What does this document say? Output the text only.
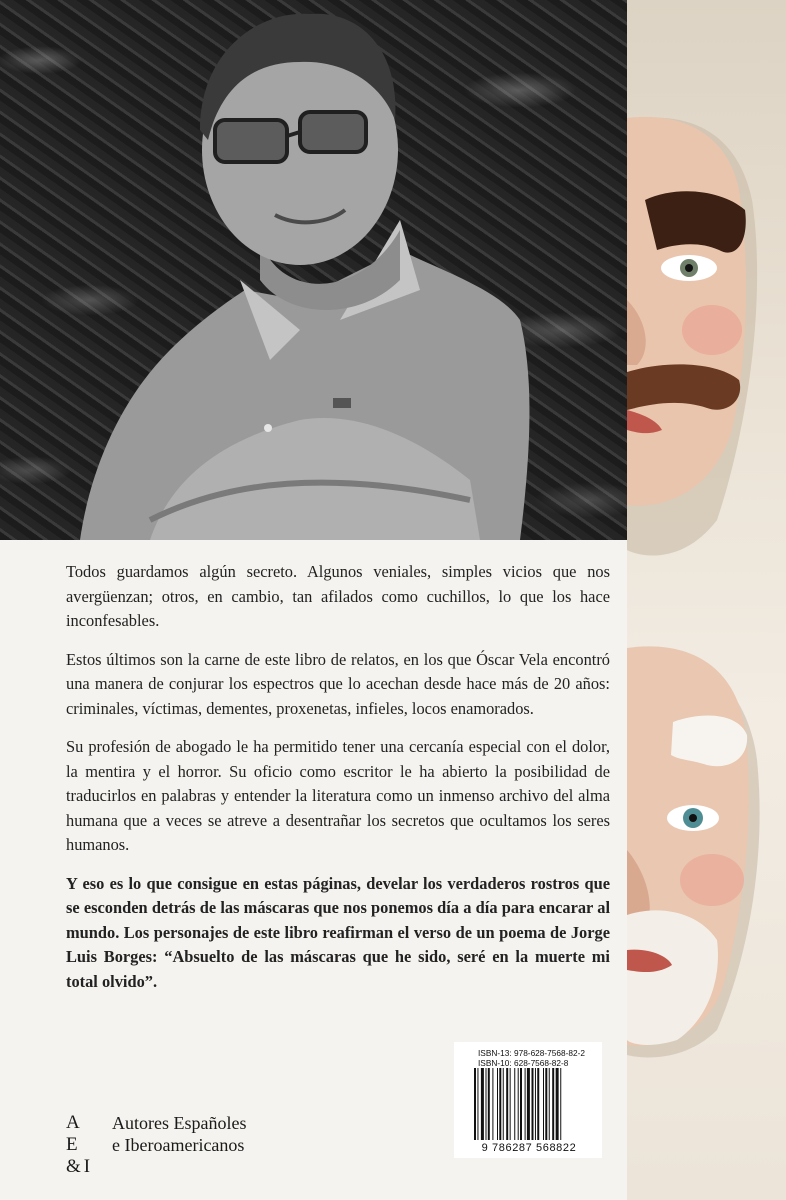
Todos guardamos algún secreto. Algunos veniales, simples vicios que nos avergüenzan; otros, en cambio, tan afilados como cuchillos, lo que los hace inconfesables.

Estos últimos son la carne de este libro de relatos, en los que Óscar Vela encontró una manera de conjurar los espectros que lo acechan desde hace más de 20 años: criminales, víctimas, dementes, proxenetas, infieles, locos enamorados.

Su profesión de abogado le ha permitido tener una cercanía especial con el dolor, la mentira y el horror. Su oficio como escritor le ha abierto la posibilidad de traducirlos en palabras y entender la literatura como un inmenso archivo del alma humana que a veces se atreve a desentrañar los secretos que ocultamos los seres humanos.

Y eso es lo que consigue en estas páginas, develar los verdaderos rostros que se esconden detrás de las máscaras que nos ponemos día a día para encarar al mundo. Los personajes de este libro reafirman el verso de un poema de Jorge Luis Borges: “Absuelto de las máscaras que he sido, seré en la muerte mi total olvido”.

A E
&I
Autores Españoles
e Iberoamericanos
ISBN-13: 978-628-7568-82-2
ISBN-10: 628-7568-82-8
9 786287 568822
